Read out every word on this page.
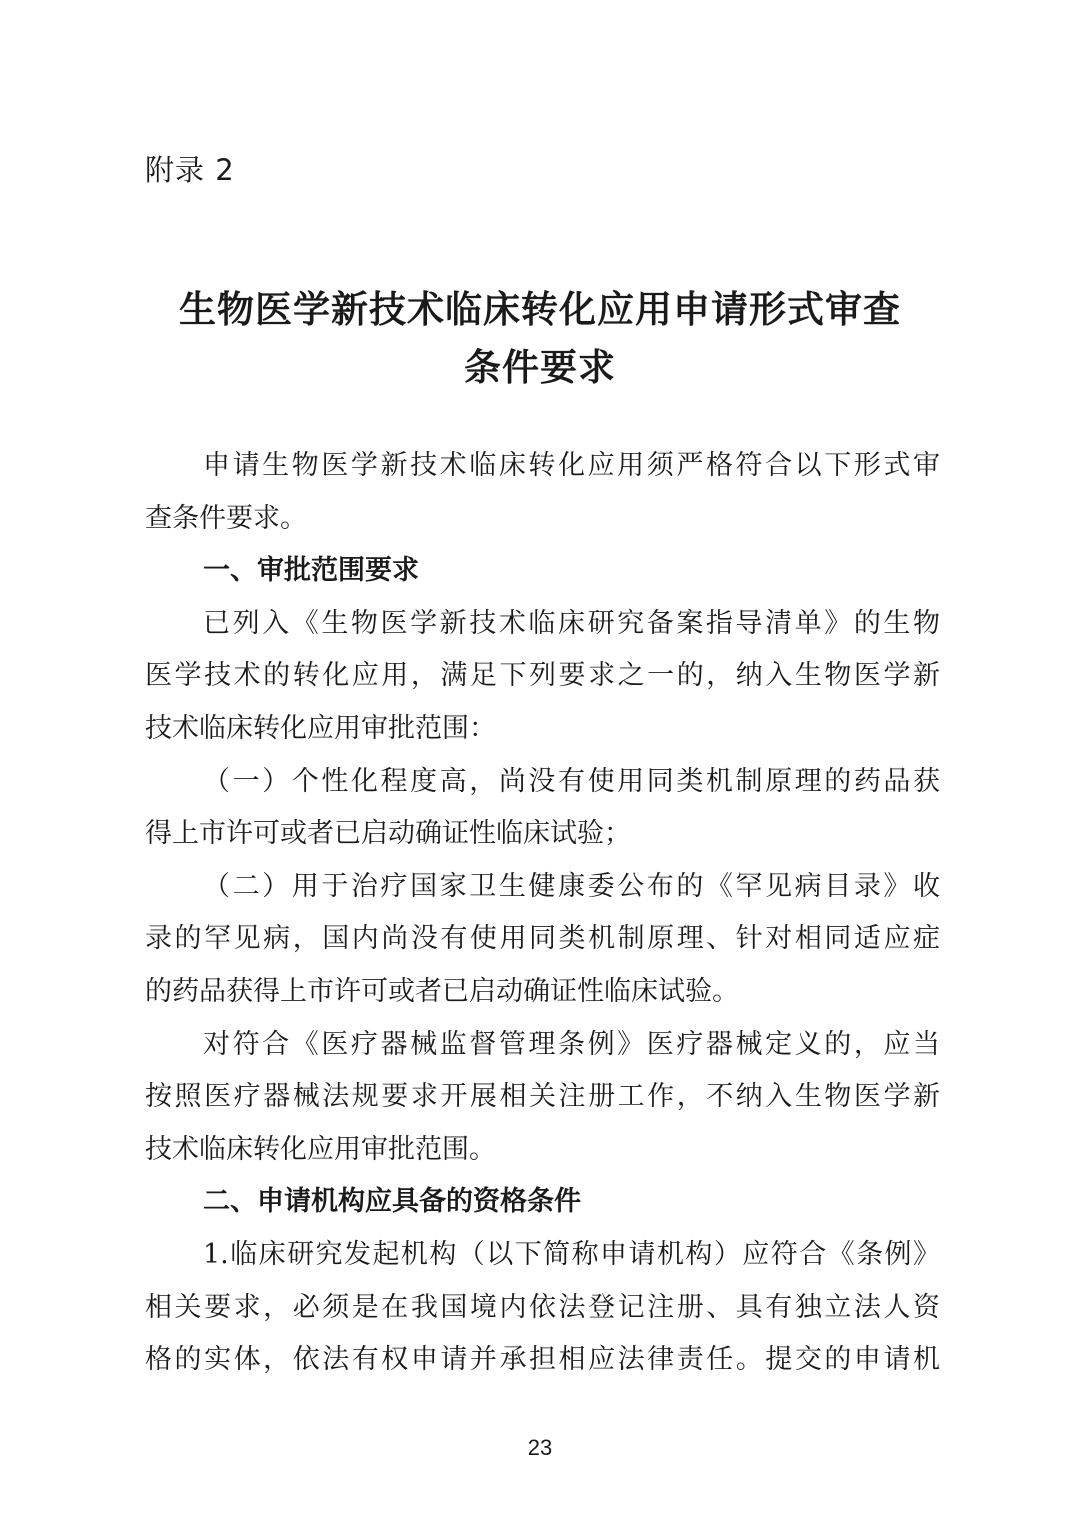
附录 2
生物医学新技术临床转化应用申请形式审查
条件要求
申请生物医学新技术临床转化应用须严格符合以下形式审
查条件要求。
一、审批范围要求
已列入《生物医学新技术临床研究备案指导清单》的生物
医学技术的转化应用，满足下列要求之一的，纳入生物医学新
技术临床转化应用审批范围：
（一）个性化程度高，尚没有使用同类机制原理的药品获
得上市许可或者已启动确证性临床试验；
（二）用于治疗国家卫生健康委公布的《罕见病目录》收
录的罕见病，国内尚没有使用同类机制原理、针对相同适应症
的药品获得上市许可或者已启动确证性临床试验。
对符合《医疗器械监督管理条例》医疗器械定义的，应当
按照医疗器械法规要求开展相关注册工作，不纳入生物医学新
技术临床转化应用审批范围。
二、申请机构应具备的资格条件
1.临床研究发起机构（以下简称申请机构）应符合《条例》
相关要求，必须是在我国境内依法登记注册、具有独立法人资
格的实体，依法有权申请并承担相应法律责任。提交的申请机
23
